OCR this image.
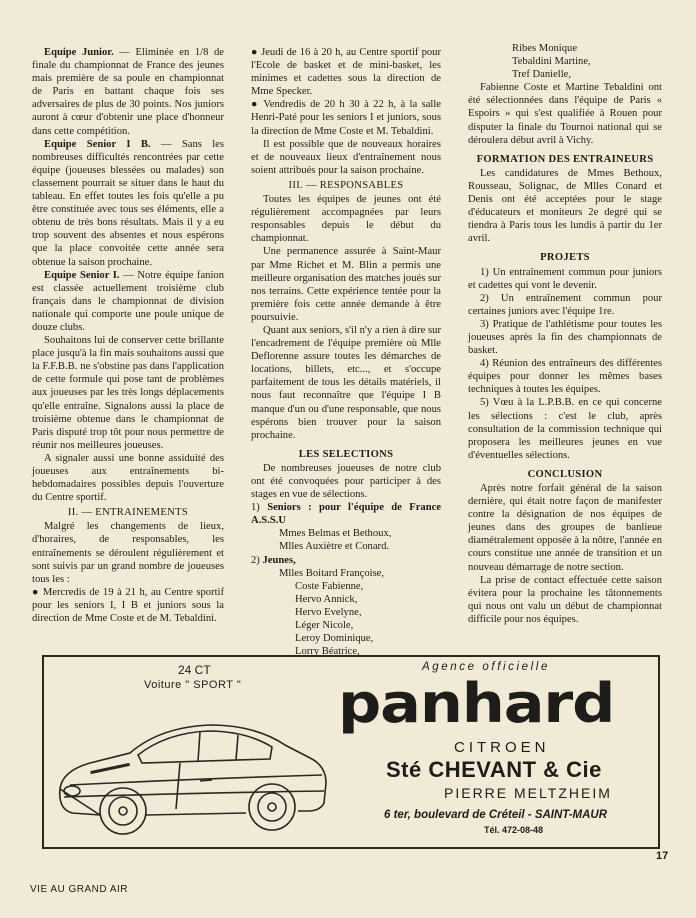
Equipe Junior. — Eliminée en 1/8 de finale du championnat de France des jeunes mais première de sa poule en championnat de Paris en battant chaque fois ses adversaires de plus de 30 points. Nos juniors auront à cœur d'obtenir une place d'honneur dans cette compétition.

Equipe Senior I B. — Sans les nombreuses difficultés rencontrées par cette équipe (joueuses blessées ou malades) son classement pourrait se situer dans le haut du tableau. En effet toutes les fois qu'elle a pu être constituée avec tous ses éléments, elle a obtenu de très bons résultats. Mais il y a eu trop souvent des absentes et nous espérons que la place convoitée cette année sera obtenue la saison prochaine.

Equipe Senior I. — Notre équipe fanion est classée actuellement troisième club français dans le championnat de division nationale qui comporte une poule unique de douze clubs.

Souhaitons lui de conserver cette brillante place jusqu'à la fin mais souhaitons aussi que la F.F.B.B. ne s'obstine pas dans l'application de cette formule qui pose tant de problèmes aux joueuses par les très longs déplacements qu'elle entraîne. Signalons aussi la place de troisième obtenue dans le championnat de Paris disputé trop tôt pour nous permettre de réunir nos meilleures joueuses.

A signaler aussi une bonne assiduité des joueuses aux entraînements bi-hebdomadaires possibles depuis l'ouverture du Centre sportif.

II. — ENTRAINEMENTS

Malgré les changements de lieux, d'horaires, de responsables, les entraînements se déroulent régulièrement et sont suivis par un grand nombre de joueuses tous les :

● Mercredis de 19 à 21 h, au Centre sportif pour les seniors I, I B et juniors sous la direction de Mme Coste et de M. Tebaldini.

● Jeudi de 16 à 20 h, au Centre sportif pour l'Ecole de basket et de mini-basket, les minimes et cadettes sous la direction de Mme Specker.

● Vendredis de 20 h 30 à 22 h, à la salle Henri-Paté pour les seniors I et juniors, sous la direction de Mme Coste et M. Tebaldini.

Il est possible que de nouveaux horaires et de nouveaux lieux d'entraînement nous soient attribués pour la saison prochaine.

III. — RESPONSABLES

Toutes les équipes de jeunes ont été régulièrement accompagnées par leurs responsables depuis le début du championnat.

Une permanence assurée à Saint-Maur par Mme Richet et M. Blin a permis une meilleure organisation des matches joués sur nos terrains. Cette expérience tentée pour la première fois cette année demande à être poursuivie.

Quant aux seniors, s'il n'y a rien à dire sur l'encadrement de l'équipe première où Mlle Deflorenne assure toutes les démarches de locations, billets, etc..., et s'occupe parfaitement de tous les détails matériels, il nous faut reconnaître que l'équipe I B manque d'un ou d'une responsable, que nous espérons bien trouver pour la saison prochaine.

LES SELECTIONS

De nombreuses joueuses de notre club ont été convoquées pour participer à des stages en vue de sélections.

1) Seniors : pour l'équipe de France A.S.S.U
Mmes Belmas et Bethoux,
Mlles Auxiètre et Conard.
2) Jeunes,
Mlles Boitard Françoise,
Coste Fabienne,
Hervo Annick,
Hervo Evelyne,
Léger Nicole,
Leroy Dominique,
Lorry Béatrice,
Ribes Monique
Tebaldini Martine,
Tref Danielle,

Fabienne Coste et Martine Tebaldini ont été sélectionnées dans l'équipe de Paris « Espoirs » qui s'est qualifiée à Rouen pour disputer la finale du Tournoi national qui se déroulera début avril à Vichy.

FORMATION DES ENTRAINEURS

Les candidatures de Mmes Bethoux, Rousseau, Solignac, de Mlles Conard et Denis ont été acceptées pour le stage d'éducateurs et moniteurs 2e degré qui se tiendra à Paris tous les lundis à partir du 1er avril.

PROJETS

1) Un entraînement commun pour juniors et cadettes qui vont le devenir.

2) Un entraînement commun pour certaines juniors avec l'équipe 1re.

3) Pratique de l'athlétisme pour toutes les joueuses après la fin des championnats de basket.

4) Réunion des entraîneurs des différentes équipes pour donner les mêmes bases techniques à toutes les équipes.

5) Vœu à la L.P.B.B. en ce qui concerne les sélections : c'est le club, après consultation de la commission technique qui proposera les meilleures jeunes en vue d'éventuelles sélections.

CONCLUSION

Après notre forfait général de la saison dernière, qui était notre façon de manifester contre la désignation de nos équipes de jeunes dans des groupes de banlieue diamétralement opposée à la nôtre, l'année en cours constitue une année de transition et un nouveau démarrage de notre section.

La prise de contact effectuée cette saison évitera pour la prochaine les tâtonnements qui nous ont valu un début de championnat difficile pour nos équipes.

24 CT
Voiture " SPORT "
Agence officielle
panhard
CITROEN
Sté CHEVANT & Cie
PIERRE MELTZHEIM
6 ter, boulevard de Créteil - SAINT-MAUR
Tél. 472-08-48
17
VIE AU GRAND AIR
